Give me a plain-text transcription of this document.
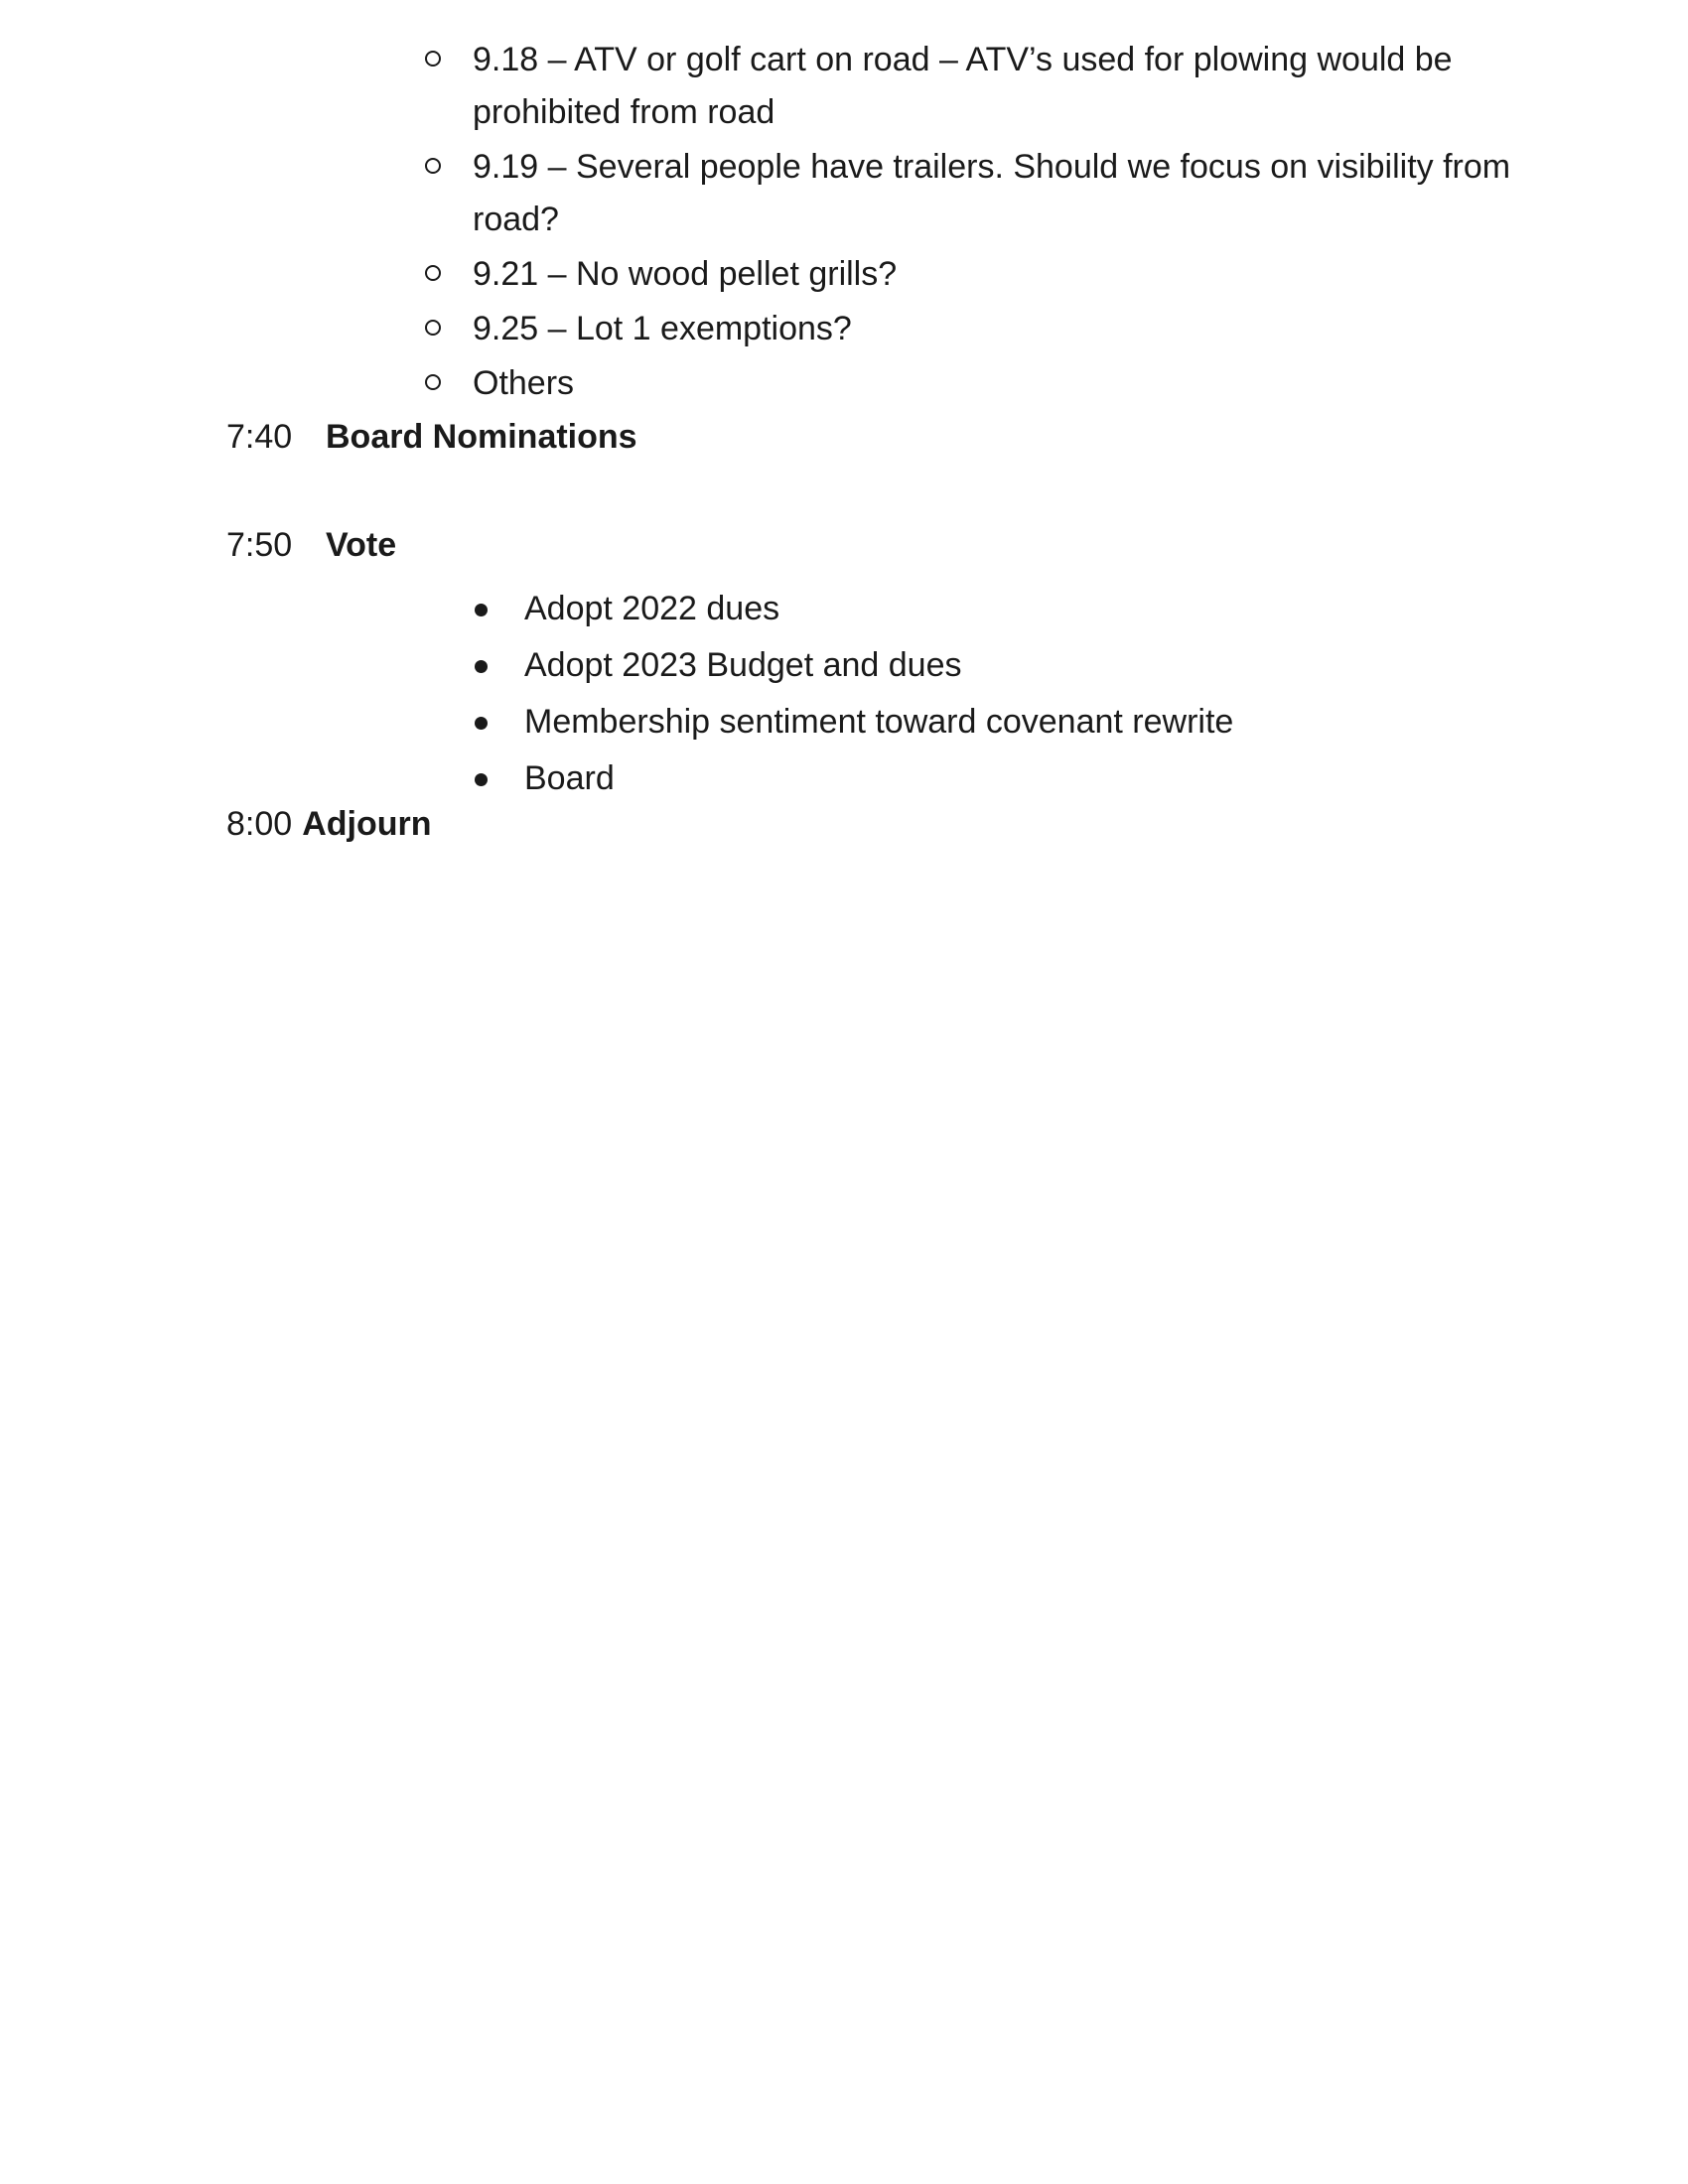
9.18 – ATV or golf cart on road – ATV’s used for plowing would be prohibited from road
9.19 – Several people have trailers. Should we focus on visibility from road?
9.21 – No wood pellet grills?
9.25 – Lot 1 exemptions?
Others
7:40 Board Nominations
7:50 Vote
Adopt 2022 dues
Adopt 2023 Budget and dues
Membership sentiment toward covenant rewrite
Board
8:00 Adjourn
